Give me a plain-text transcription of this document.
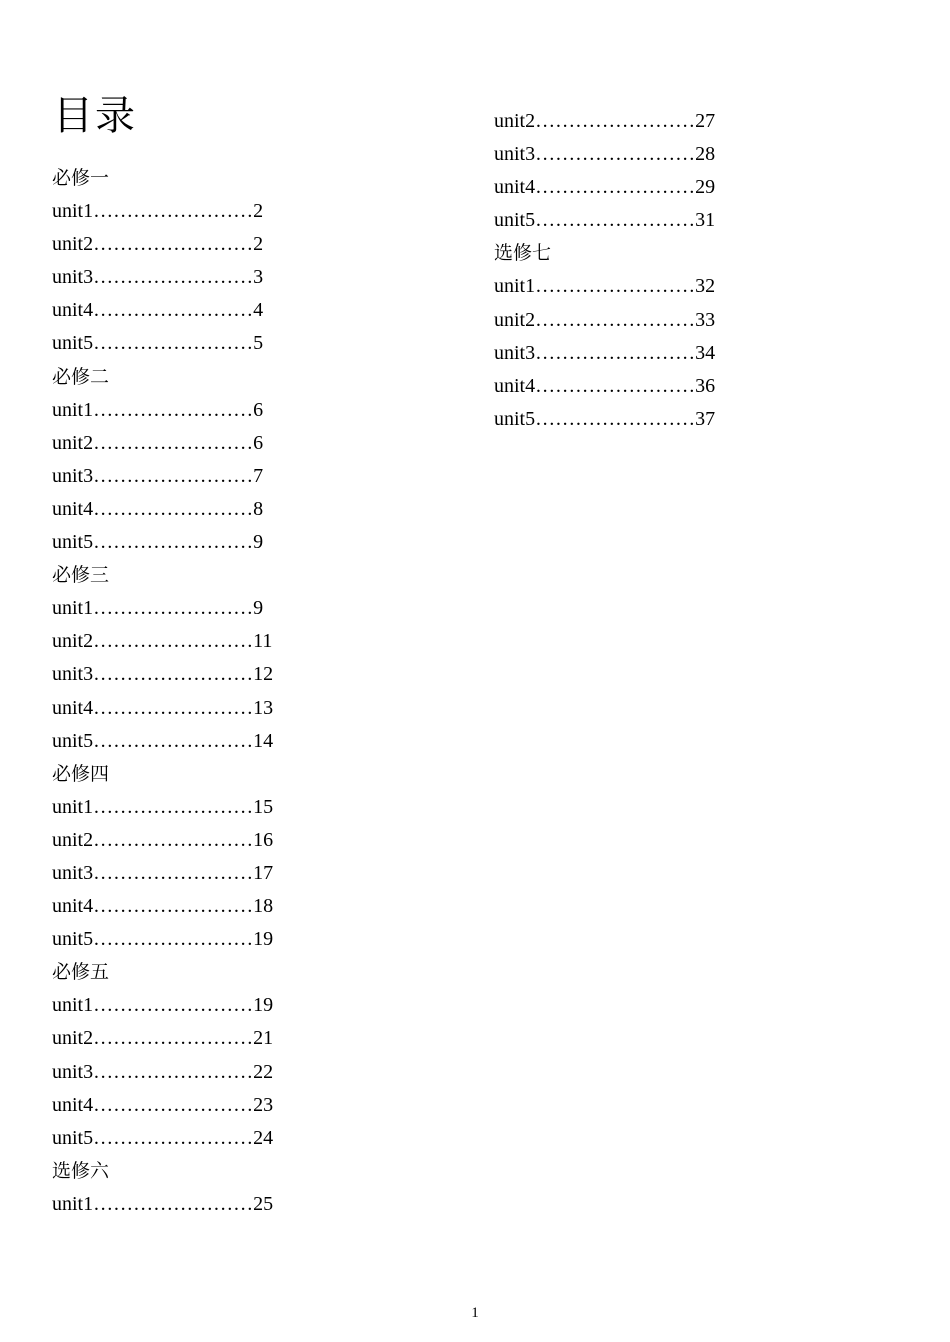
目录
必修一
unit1……………………2
unit2……………………2
unit3……………………3
unit4……………………4
unit5……………………5
必修二
unit1……………………6
unit2……………………6
unit3……………………7
unit4……………………8
unit5……………………9
必修三
unit1……………………9
unit2……………………11
unit3……………………12
unit4……………………13
unit5……………………14
必修四
unit1……………………15
unit2……………………16
unit3……………………17
unit4……………………18
unit5……………………19
必修五
unit1……………………19
unit2……………………21
unit3……………………22
unit4……………………23
unit5……………………24
选修六
unit1……………………25
unit2……………………27
unit3……………………28
unit4……………………29
unit5……………………31
选修七
unit1……………………32
unit2……………………33
unit3……………………34
unit4……………………36
unit5……………………37
1
